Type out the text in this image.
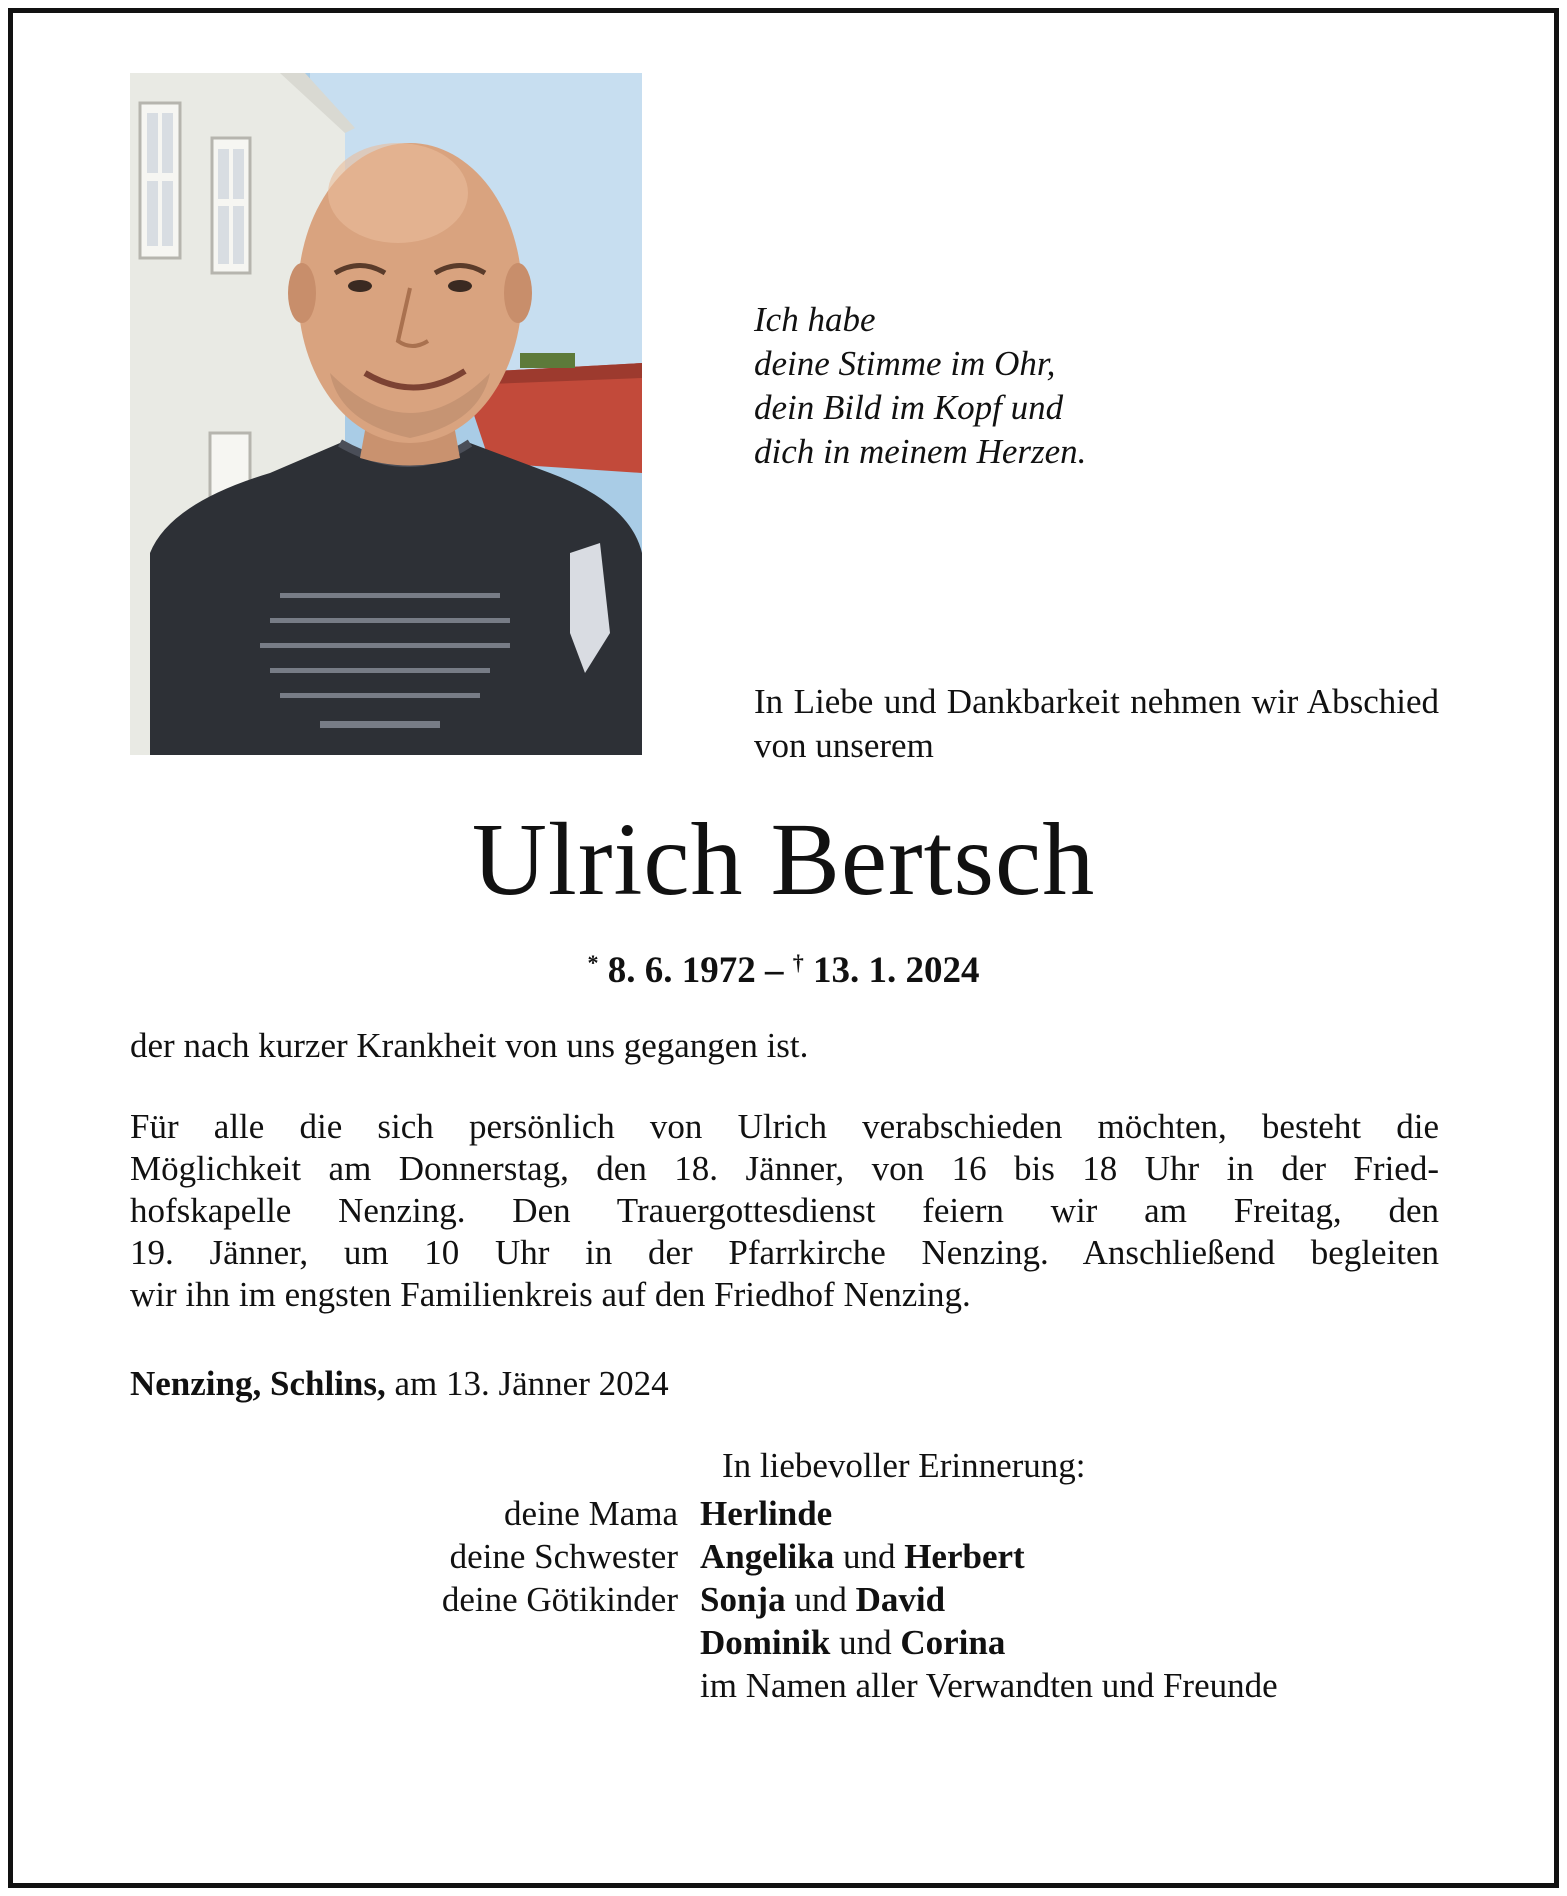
Ich habe
deine Stimme im Ohr,
dein Bild im Kopf und
dich in meinem Herzen.
In Liebe und Dankbarkeit nehmen wir Abschied von unserem
Ulrich Bertsch
* 8. 6. 1972 – † 13. 1. 2024
der nach kurzer Krankheit von uns gegangen ist.
Für alle die sich persönlich von Ulrich verabschieden möchten, besteht die
Möglichkeit am Donnerstag, den 18. Jänner, von 16 bis 18 Uhr in der Fried-
hofskapelle Nenzing. Den Trauergottesdienst feiern wir am Freitag, den
19. Jänner, um 10 Uhr in der Pfarrkirche Nenzing. Anschließend begleiten
wir ihn im engsten Familienkreis auf den Friedhof Nenzing.
Nenzing, Schlins, am 13. Jänner 2024
In liebevoller Erinnerung:
deine Mama Herlinde
deine Schwester Angelika und Herbert
deine Götikinder Sonja und David
Dominik und Corina
im Namen aller Verwandten und Freunde
